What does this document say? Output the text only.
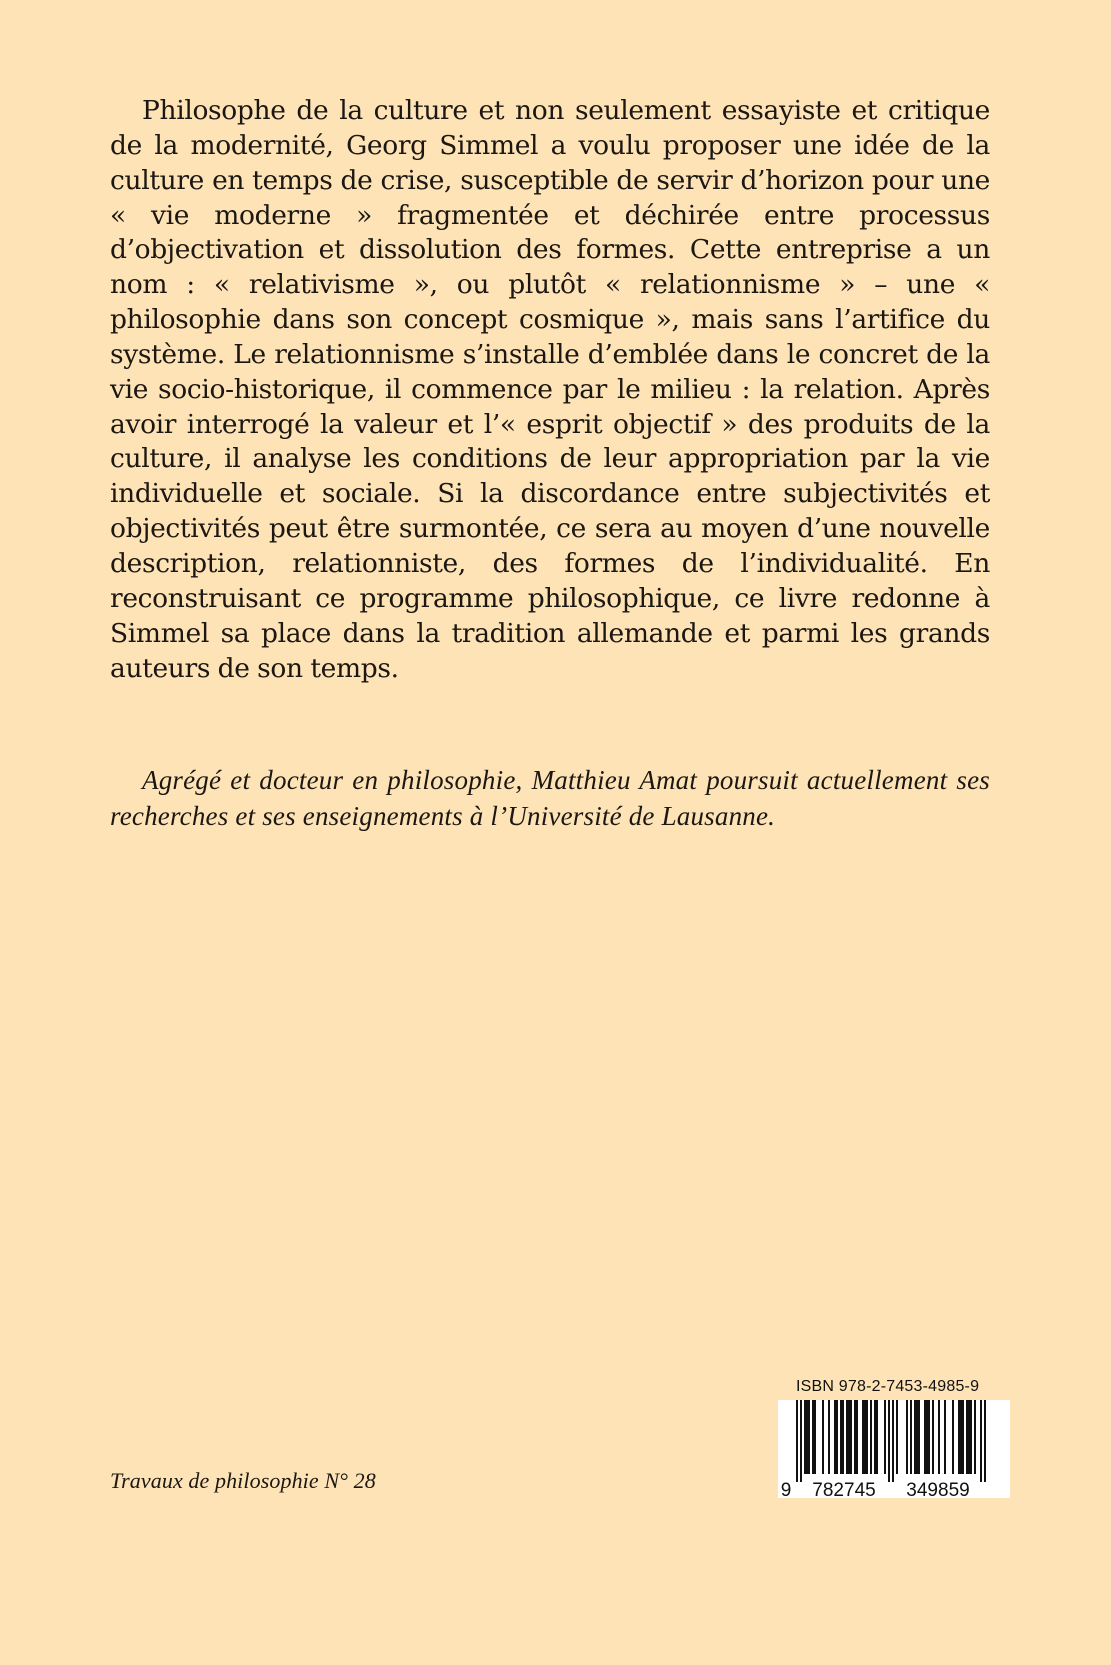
Philosophe de la culture et non seulement essayiste et critique de la modernité, Georg Simmel a voulu proposer une idée de la culture en temps de crise, susceptible de servir d’horizon pour une « vie moderne » fragmentée et déchirée entre processus d’objectivation et dissolution des formes. Cette entreprise a un nom : « relativisme », ou plutôt « relationnisme » – une « philosophie dans son concept cosmique », mais sans l’artifice du système. Le relationnisme s’installe d’emblée dans le concret de la vie socio-historique, il commence par le milieu : la relation. Après avoir interrogé la valeur et l’« esprit objectif » des produits de la culture, il analyse les conditions de leur appropriation par la vie individuelle et sociale. Si la discordance entre subjectivités et objectivités peut être surmontée, ce sera au moyen d’une nouvelle description, relationniste, des formes de l’individualité. En reconstruisant ce programme philosophique, ce livre redonne à Simmel sa place dans la tradition allemande et parmi les grands auteurs de son temps.

Agrégé et docteur en philosophie, Matthieu Amat poursuit actuellement ses recherches et ses enseignements à l’Université de Lausanne.

Travaux de philosophie N° 28

ISBN 978-2-7453-4985-9
9 782745 349859
